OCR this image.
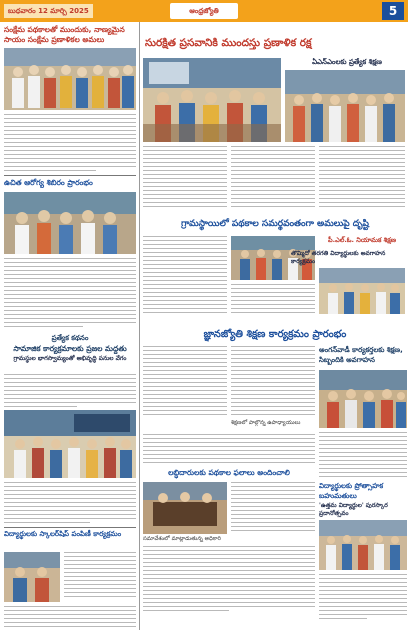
బుధవారం 12 మార్చి 2025	ఆంధ్రజ్యోతి	5
సంక్షేమ పథకాలతో ముందుకు, నాణ్యమైన సాయం సంక్షేమ ప్రణాళికల అమలు
ఉచిత ఆరోగ్య శిబిరం ప్రారంభం
ప్రత్యేక కథనం
సామాజిక కార్యక్రమాలకు ప్రజల మద్దతు
గ్రామస్థుల భాగస్వామ్యంతో అభివృద్ధి పనుల వేగం
విద్యార్థులకు స్కాలర్‌షిప్ పంపిణీ కార్యక్రమం
సురక్షిత ప్రసవానికి ముందస్తు ప్రణాళిక రక్ష
ఏఎన్ఎంలకు ప్రత్యేక శిక్షణ
గ్రామస్థాయిలో పథకాల సమర్థవంతంగా అమలుపై దృష్టి
పీ.ఎల్.ఓ. నియామక శిక్షణ
తొమ్మిదో తరగతి విద్యార్థులకు అవగాహన కార్యక్రమం
జ్ఞానజ్యోతి శిక్షణ కార్యక్రమం ప్రారంభం
అంగన్‌వాడీ కార్యకర్తలకు శిక్షణ, సిబ్బందికి అవగాహన
శిక్షణలో పాల్గొన్న ఉపాధ్యాయులు
లబ్ధిదారులకు పథకాల ఫలాలు అందించాలి
సమావేశంలో మాట్లాడుతున్న అధికారి
విద్యార్థులకు ప్రోత్సాహక బహుమతులు
'ఉత్తమ విద్యార్థుల' పురస్కార ప్రదానోత్సవం
